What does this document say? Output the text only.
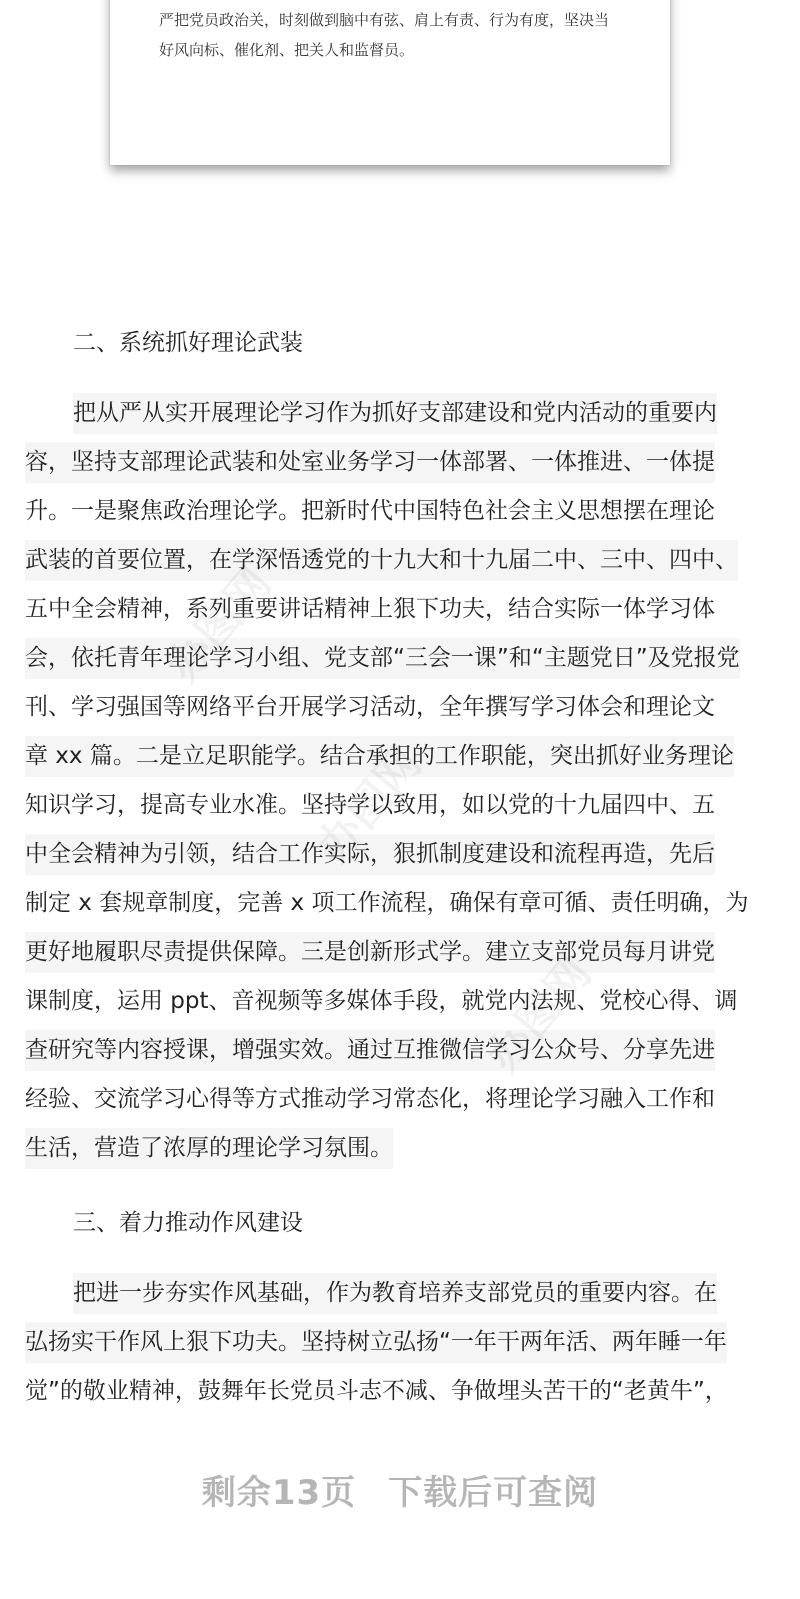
严把党员政治关，时刻做到脑中有弦、肩上有责、行为有度，坚决当

好风向标、催化剂、把关人和监督员。

二、系统抓好理论武装
把从严从实开展理论学习作为抓好支部建设和党内活动的重要内
容，坚持支部理论武装和处室业务学习一体部署、一体推进、一体提
升。一是聚焦政治理论学。把新时代中国特色社会主义思想摆在理论
武装的首要位置，在学深悟透党的十九大和十九届二中、三中、四中、
五中全会精神，系列重要讲话精神上狠下功夫，结合实际一体学习体
会，依托青年理论学习小组、党支部“三会一课”和“主题党日”及党报党
刊、学习强国等网络平台开展学习活动，全年撰写学习体会和理论文
章 xx 篇。二是立足职能学。结合承担的工作职能，突出抓好业务理论
知识学习，提高专业水准。坚持学以致用，如以党的十九届四中、五
中全会精神为引领，结合工作实际，狠抓制度建设和流程再造，先后
制定 x 套规章制度，完善 x 项工作流程，确保有章可循、责任明确，为
更好地履职尽责提供保障。三是创新形式学。建立支部党员每月讲党
课制度，运用 ppt、音视频等多媒体手段，就党内法规、党校心得、调
查研究等内容授课，增强实效。通过互推微信学习公众号、分享先进
经验、交流学习心得等方式推动学习常态化，将理论学习融入工作和
生活，营造了浓厚的理论学习氛围。
三、着力推动作风建设
把进一步夯实作风基础，作为教育培养支部党员的重要内容。在
弘扬实干作风上狠下功夫。坚持树立弘扬“一年干两年活、两年睡一年
觉”的敬业精神，鼓舞年长党员斗志不减、争做埋头苦干的“老黄牛”，
办图网
办图网
办图网
剩余13页 下载后可查阅
